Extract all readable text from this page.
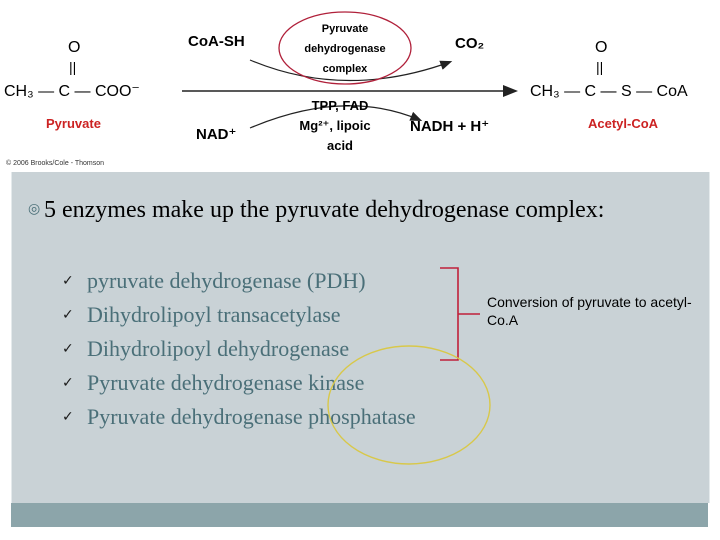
O
||
CH₃ — C — COO⁻
Pyruvate
O
||
CH₃ — C — S — CoA
Acetyl-CoA
CoA-SH	CO₂
NAD⁺	NADH + H⁺
Pyruvate
dehydrogenase
complex
TPP, FAD
Mg²⁺, lipoic
acid
© 2006 Brooks/Cole - Thomson
◎ 5 enzymes make up the pyruvate dehydrogenase complex:
✓ pyruvate dehydrogenase (PDH)
✓ Dihydrolipoyl transacetylase
✓ Dihydrolipoyl dehydrogenase
✓ Pyruvate dehydrogenase kinase
✓ Pyruvate dehydrogenase phosphatase
Conversion of pyruvate to acetyl-Co.A
